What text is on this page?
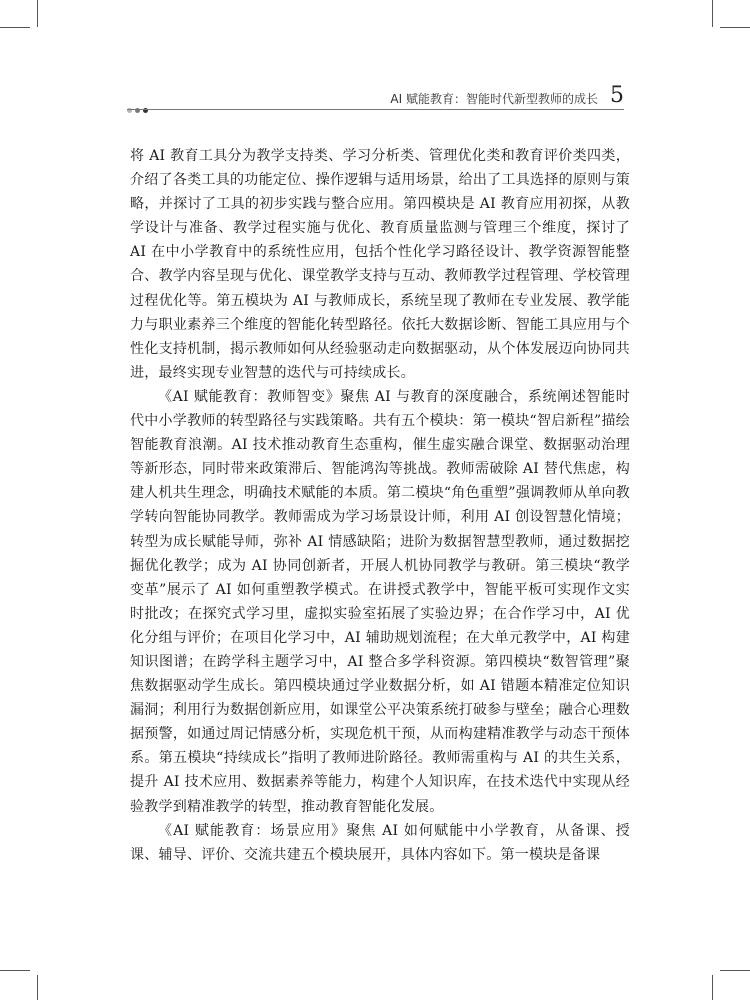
AI 赋能教育：智能时代新型教师的成长 5

将 AI 教育工具分为教学支持类、学习分析类、管理优化类和教育评价类四类，介绍了各类工具的功能定位、操作逻辑与适用场景，给出了工具选择的原则与策略，并探讨了工具的初步实践与整合应用。第四模块是 AI 教育应用初探，从教学设计与准备、教学过程实施与优化、教育质量监测与管理三个维度，探讨了 AI 在中小学教育中的系统性应用，包括个性化学习路径设计、教学资源智能整合、教学内容呈现与优化、课堂教学支持与互动、教师教学过程管理、学校管理过程优化等。第五模块为 AI 与教师成长，系统呈现了教师在专业发展、教学能力与职业素养三个维度的智能化转型路径。依托大数据诊断、智能工具应用与个性化支持机制，揭示教师如何从经验驱动走向数据驱动，从个体发展迈向协同共进，最终实现专业智慧的迭代与可持续成长。

《AI 赋能教育：教师智变》聚焦 AI 与教育的深度融合，系统阐述智能时代中小学教师的转型路径与实践策略。共有五个模块：第一模块“智启新程”描绘智能教育浪潮。AI 技术推动教育生态重构，催生虚实融合课堂、数据驱动治理等新形态，同时带来政策滞后、智能鸿沟等挑战。教师需破除 AI 替代焦虑，构建人机共生理念，明确技术赋能的本质。第二模块“角色重塑”强调教师从单向教学转向智能协同教学。教师需成为学习场景设计师，利用 AI 创设智慧化情境；转型为成长赋能导师，弥补 AI 情感缺陷；进阶为数据智慧型教师，通过数据挖掘优化教学；成为 AI 协同创新者，开展人机协同教学与教研。第三模块“教学变革”展示了 AI 如何重塑教学模式。在讲授式教学中，智能平板可实现作文实时批改；在探究式学习里，虚拟实验室拓展了实验边界；在合作学习中，AI 优化分组与评价；在项目化学习中，AI 辅助规划流程；在大单元教学中，AI 构建知识图谱；在跨学科主题学习中，AI 整合多学科资源。第四模块“数智管理”聚焦数据驱动学生成长。第四模块通过学业数据分析，如 AI 错题本精准定位知识漏洞；利用行为数据创新应用，如课堂公平决策系统打破参与壁垒；融合心理数据预警，如通过周记情感分析，实现危机干预，从而构建精准教学与动态干预体系。第五模块“持续成长”指明了教师进阶路径。教师需重构与 AI 的共生关系，提升 AI 技术应用、数据素养等能力，构建个人知识库，在技术迭代中实现从经验教学到精准教学的转型，推动教育智能化发展。

《AI 赋能教育：场景应用》聚焦 AI 如何赋能中小学教育，从备课、授课、辅导、评价、交流共建五个模块展开，具体内容如下。第一模块是备课
